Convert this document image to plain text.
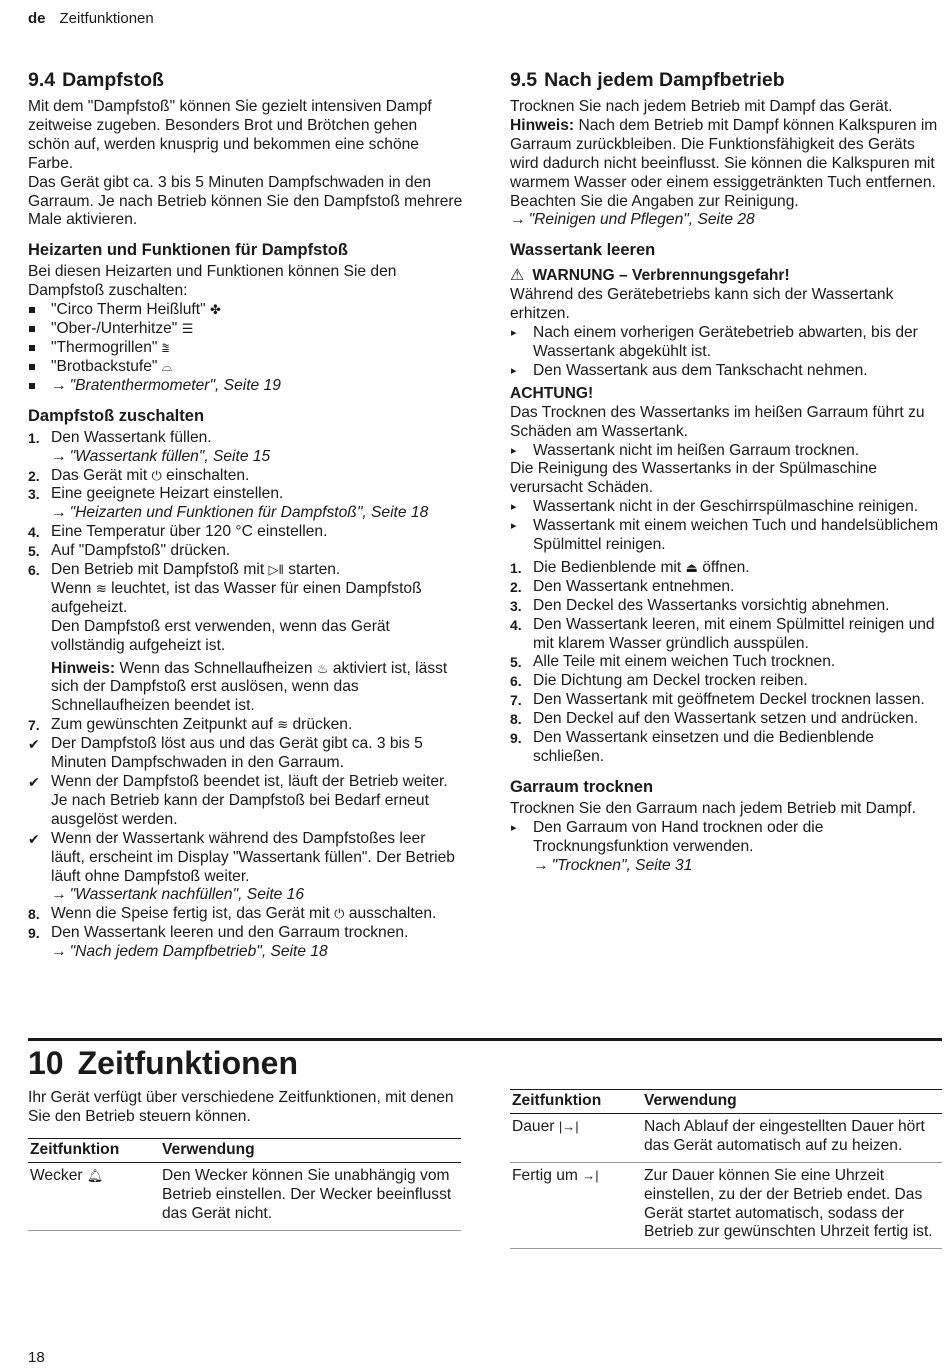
de Zeitfunktionen
9.4 Dampfstoß

Mit dem "Dampfstoß" können Sie gezielt intensiven Dampf zeitweise zugeben. Besonders Brot und Brötchen gehen schön auf, werden knusprig und bekommen eine schöne Farbe.

Das Gerät gibt ca. 3 bis 5 Minuten Dampfschwaden in den Garraum. Je nach Betrieb können Sie den Dampfstoß mehrere Male aktivieren.

Heizarten und Funktionen für Dampfstoß

Bei diesen Heizarten und Funktionen können Sie den Dampfstoß zuschalten:

"Circo Therm Heißluft" ✤
"Ober-/Unterhitze" ☰
"Thermogrillen" ⩰
"Brotbackstufe" ⌓
→ "Bratenthermometer", Seite 19
Dampfstoß zuschalten
1. Den Wassertank füllen.
→ "Wassertank füllen", Seite 15
2. Das Gerät mit ⏻ einschalten.
3. Eine geeignete Heizart einstellen.
→ "Heizarten und Funktionen für Dampfstoß", Seite 18
4. Eine Temperatur über 120 °C einstellen.
5. Auf "Dampfstoß" drücken.
6. Den Betrieb mit Dampfstoß mit ▷‖ starten.
Wenn ≋ leuchtet, ist das Wasser für einen Dampfstoß aufgeheizt.
Den Dampfstoß erst verwenden, wenn das Gerät vollständig aufgeheizt ist.
Hinweis: Wenn das Schnellaufheizen ♨ aktiviert ist, lässt sich der Dampfstoß erst auslösen, wenn das Schnellaufheizen beendet ist.
7. Zum gewünschten Zeitpunkt auf ≋ drücken.
✔ Der Dampfstoß löst aus und das Gerät gibt ca. 3 bis 5 Minuten Dampfschwaden in den Garraum.
✔ Wenn der Dampfstoß beendet ist, läuft der Betrieb weiter. Je nach Betrieb kann der Dampfstoß bei Bedarf erneut ausgelöst werden.
✔ Wenn der Wassertank während des Dampfstoßes leer läuft, erscheint im Display "Wassertank füllen". Der Betrieb läuft ohne Dampfstoß weiter.
→ "Wassertank nachfüllen", Seite 16
8. Wenn die Speise fertig ist, das Gerät mit ⏻ ausschalten.
9. Den Wassertank leeren und den Garraum trocknen.
→ "Nach jedem Dampfbetrieb", Seite 18
9.5 Nach jedem Dampfbetrieb

Trocknen Sie nach jedem Betrieb mit Dampf das Gerät.

Hinweis: Nach dem Betrieb mit Dampf können Kalkspuren im Garraum zurückbleiben. Die Funktionsfähigkeit des Geräts wird dadurch nicht beeinflusst. Sie können die Kalkspuren mit warmem Wasser oder einem essiggetränkten Tuch entfernen. Beachten Sie die Angaben zur Reinigung.

→ "Reinigen und Pflegen", Seite 28
Wassertank leeren
⚠ WARNUNG – Verbrennungsgefahr!

Während des Gerätebetriebs kann sich der Wassertank erhitzen.

▸ Nach einem vorherigen Gerätebetrieb abwarten, bis der Wassertank abgekühlt ist.
▸ Den Wassertank aus dem Tankschacht nehmen.
ACHTUNG!

Das Trocknen des Wassertanks im heißen Garraum führt zu Schäden am Wassertank.

▸ Wassertank nicht im heißen Garraum trocknen.

Die Reinigung des Wassertanks in der Spülmaschine verursacht Schäden.

▸ Wassertank nicht in der Geschirrspülmaschine reinigen.
▸ Wassertank mit einem weichen Tuch und handelsüblichem Spülmittel reinigen.
1. Die Bedienblende mit ⏏ öffnen.
2. Den Wassertank entnehmen.
3. Den Deckel des Wassertanks vorsichtig abnehmen.
4. Den Wassertank leeren, mit einem Spülmittel reinigen und mit klarem Wasser gründlich ausspülen.
5. Alle Teile mit einem weichen Tuch trocknen.
6. Die Dichtung am Deckel trocken reiben.
7. Den Wassertank mit geöffnetem Deckel trocknen lassen.
8. Den Deckel auf den Wassertank setzen und andrücken.
9. Den Wassertank einsetzen und die Bedienblende schließen.
Garraum trocknen

Trocknen Sie den Garraum nach jedem Betrieb mit Dampf.

▸ Den Garraum von Hand trocknen oder die Trocknungsfunktion verwenden.
→ "Trocknen", Seite 31
10 Zeitfunktionen

Ihr Gerät verfügt über verschiedene Zeitfunktionen, mit denen Sie den Betrieb steuern können.

Zeitfunktion	Verwendung
Wecker 🔔︎	Den Wecker können Sie unabhängig vom Betrieb einstellen. Der Wecker beeinflusst das Gerät nicht.
Zeitfunktion	Verwendung
Dauer |→|	Nach Ablauf der eingestellten Dauer hört das Gerät automatisch auf zu heizen.
Fertig um →|	Zur Dauer können Sie eine Uhrzeit einstellen, zu der der Betrieb endet. Das Gerät startet automatisch, sodass der Betrieb zur gewünschten Uhrzeit fertig ist.
18
